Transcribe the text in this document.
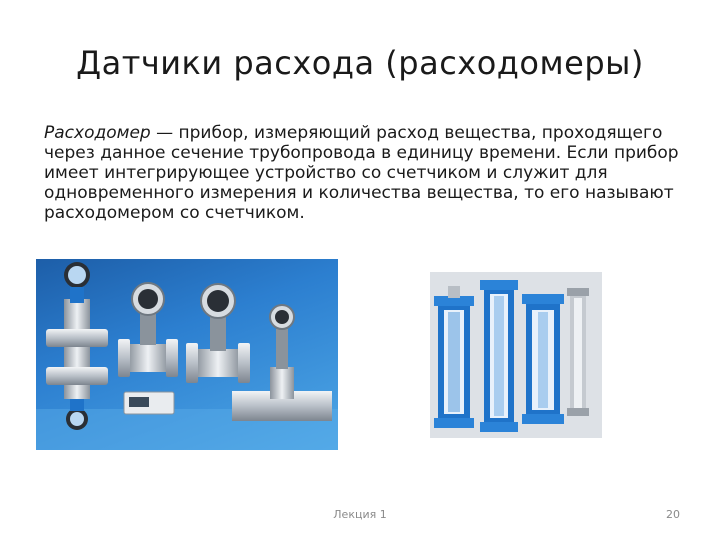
Датчики расхода (расходомеры)

Расходомер — прибор, измеряющий расход вещества, проходящего через данное сечение трубопровода в единицу времени. Если прибор имеет интегрирующее устройство со счетчиком и служит для одновременного измерения и количества вещества, то его называют расходомером со счетчиком.

Лекция 1	20
